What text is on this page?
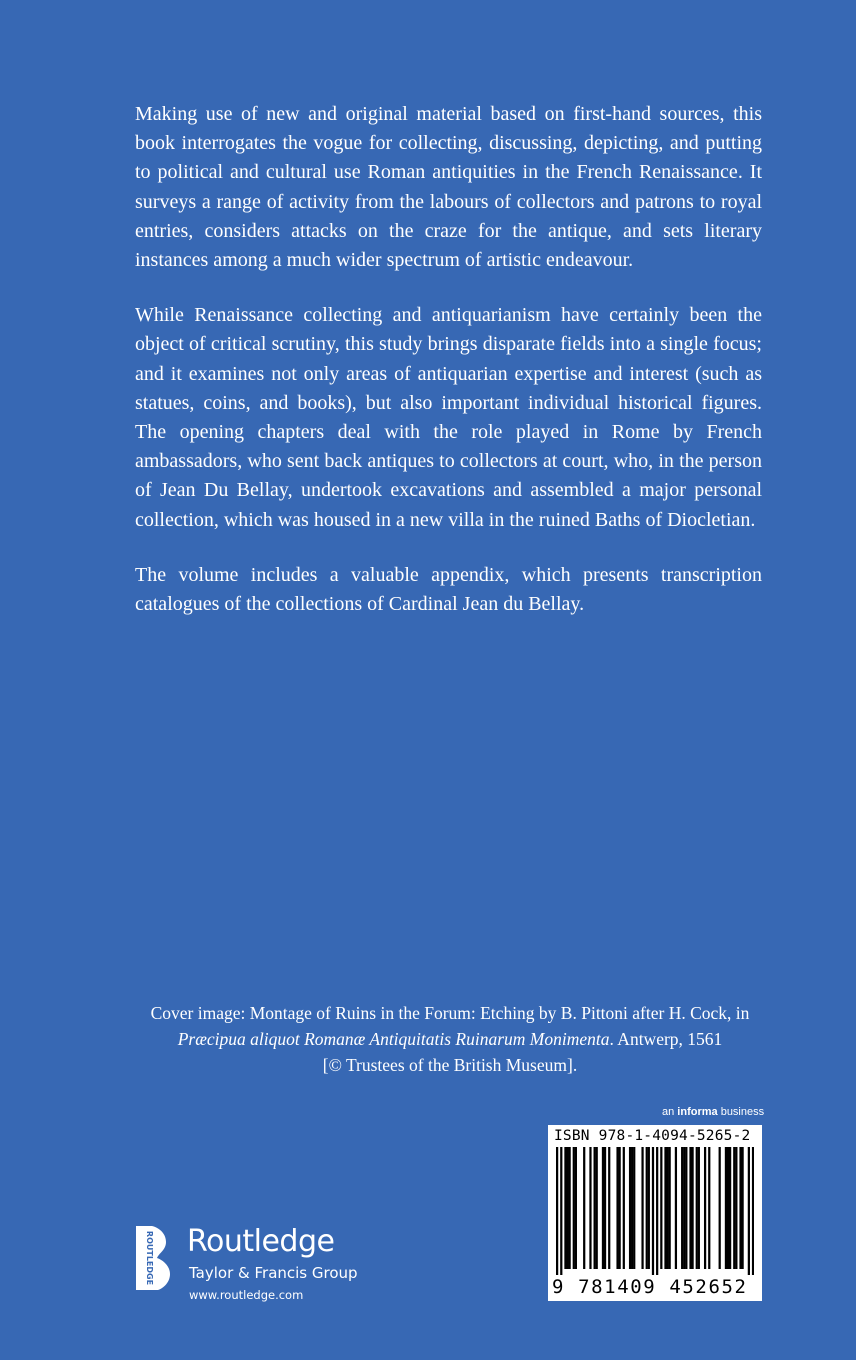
Making use of new and original material based on first-hand sources, this book interrogates the vogue for collecting, discussing, depicting, and putting to political and cultural use Roman antiquities in the French Renaissance. It surveys a range of activity from the labours of collectors and patrons to royal entries, considers attacks on the craze for the antique, and sets literary instances among a much wider spectrum of artistic endeavour.

While Renaissance collecting and antiquarianism have certainly been the object of critical scrutiny, this study brings disparate fields into a single focus; and it examines not only areas of antiquarian expertise and interest (such as statues, coins, and books), but also important individual historical figures. The opening chapters deal with the role played in Rome by French ambassadors, who sent back antiques to collectors at court, who, in the person of Jean Du Bellay, undertook excavations and assembled a major personal collection, which was housed in a new villa in the ruined Baths of Diocletian.

The volume includes a valuable appendix, which presents transcription catalogues of the collections of Cardinal Jean du Bellay.

Cover image: Montage of Ruins in the Forum: Etching by B. Pittoni after H. Cock, in
Præcipua aliquot Romanæ Antiquitatis Ruinarum Monimenta. Antwerp, 1561
[© Trustees of the British Museum].
an informa business
ISBN 978-1-4094-5265-2
9 781409 452652
ROUTLEDGE Routledge
Taylor & Francis Group
www.routledge.com
